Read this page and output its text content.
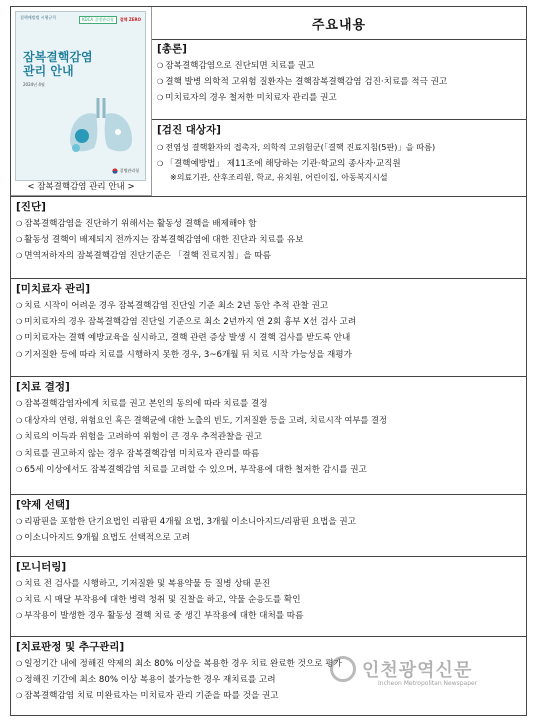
결핵예방법 시행규칙	KDCA 질병관리청	결핵 ZERO
잠복결핵감염
관리 안내
2024년 4월
질병관리청
< 잠복결핵감염 관리 안내 >
주요내용
[총론]
❍ 잠복결핵감염으로 진단되면 치료를 권고
❍ 결핵 발병 의학적 고위험 질환자는 결핵잠복결핵감염 검진·치료를 적극 권고
❍ 미치료자의 경우 철저한 미치료자 관리를 권고
[검진 대상자]
❍ 전염성 결핵환자의 접촉자, 의학적 고위험군(「결핵 진료지침(5판)」을 따름)
❍ 「결핵예방법」 제11조에 해당하는 기관·학교의 종사자·교직원
※의료기관, 산후조리원, 학교, 유치원, 어린이집, 아동복지시설
[진단]
❍ 잠복결핵감염을 진단하기 위해서는 활동성 결핵을 배제해야 함
❍ 활동성 결핵이 배제되지 전까지는 잠복결핵감염에 대한 진단과 치료를 유보
❍ 면역저하자의 잠복결핵감염 진단기준은 「결핵 진료지침」을 따름
[미치료자 관리]
❍ 치료 시작이 어려운 경우 잠복결핵감염 진단일 기준 최소 2년 동안 추적 관찰 권고
❍ 미치료자의 경우 잠복결핵감염 진단일 기준으로 최소 2년까지 연 2회 흉부 X선 검사 고려
❍ 미치료자는 결핵 예방교육을 실시하고, 결핵 관련 증상 발생 시 결핵 검사를 받도록 안내
❍ 기저질환 등에 따라 치료를 시행하지 못한 경우, 3~6개월 뒤 치료 시작 가능성을 재평가
[치료 결정]
❍ 잠복결핵감염자에게 치료를 권고 본인의 동의에 따라 치료를 결정
❍ 대상자의 연령, 위험요인 혹은 결핵균에 대한 노출의 빈도, 기저질환 등을 고려, 치료시작 여부를 결정
❍ 치료의 이득과 위험을 고려하여 위험이 큰 경우 추적관찰을 권고
❍ 치료를 권고하지 않는 경우 잠복결핵감염 미치료자 관리를 따름
❍ 65세 이상에서도 잠복결핵감염 치료를 고려할 수 있으며, 부작용에 대한 철저한 감시를 권고
[약제 선택]
❍ 리팜핀을 포함한 단기요법인 리팜핀 4개월 요법, 3개월 이소니아지드/리팜핀 요법을 권고
❍ 이소니아지드 9개월 요법도 선택적으로 고려
[모니터링]
❍ 치료 전 검사를 시행하고, 기저질환 및 복용약물 등 질병 상태 문진
❍ 치료 시 매달 부작용에 대한 병력 청취 및 진찰을 하고, 약물 순응도를 확인
❍ 부작용이 발생한 경우 활동성 결핵 치료 중 생긴 부작용에 대한 대처를 따름
[치료판정 및 추구관리]
❍ 일정기간 내에 정해진 약제의 최소 80% 이상을 복용한 경우 치료 완료한 것으로 평가
❍ 정해진 기간에 최소 80% 이상 복용이 불가능한 경우 재치료를 고려
❍ 잠복결핵감염 치료 미완료자는 미치료자 관리 기준을 따를 것을 권고
인천광역신문
Incheon Metropolitan Newspaper
